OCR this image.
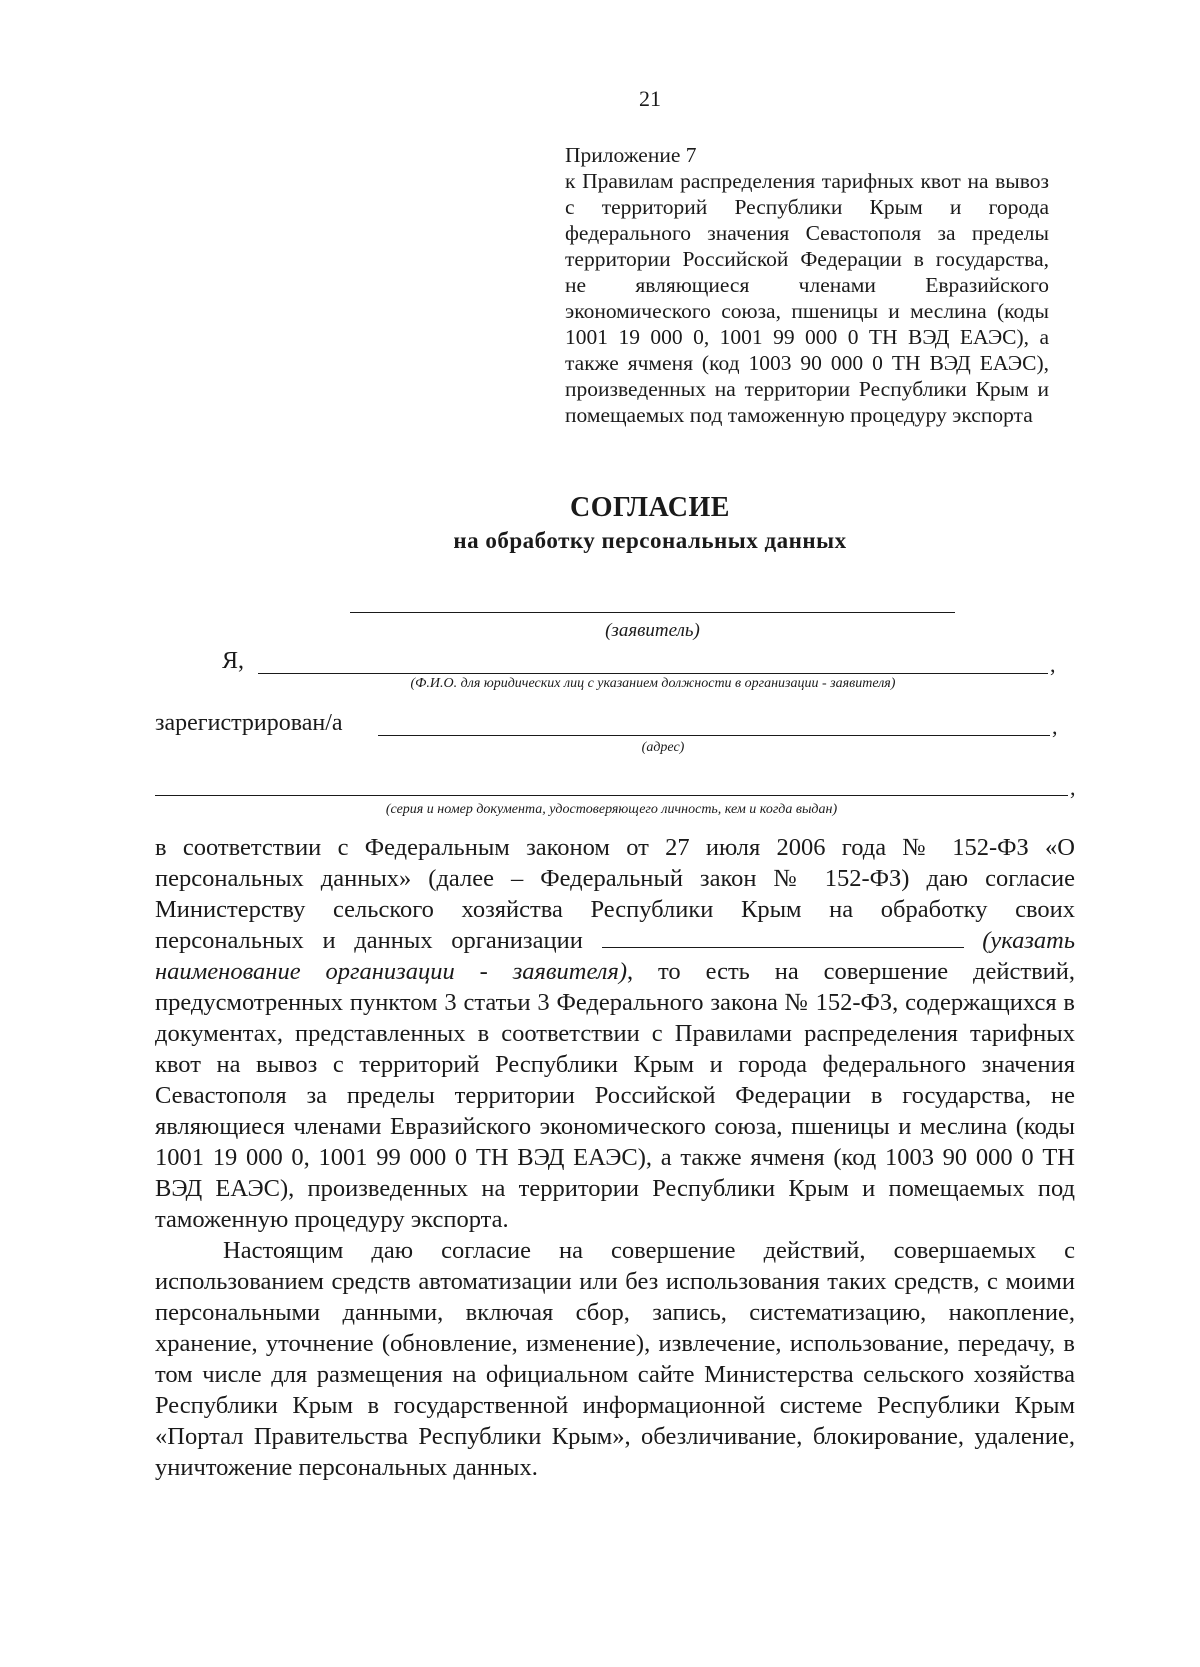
21
Приложение 7
к Правилам распределения тарифных квот на вывоз с территорий Республики Крым и города федерального значения Севастополя за пределы территории Российской Федерации в государства, не являющиеся членами Евразийского экономического союза, пшеницы и меслина (коды 1001 19 000 0, 1001 99 000 0 ТН ВЭД ЕАЭС), а также ячменя (код 1003 90 000 0 ТН ВЭД ЕАЭС), произведенных на территории Республики Крым и помещаемых под таможенную процедуру экспорта
СОГЛАСИЕ
на обработку персональных данных
(заявитель)
Я,	,
(Ф.И.О. для юридических лиц с указанием должности в организации - заявителя)
зарегистрирован/а	,
(адрес)
,
(серия и номер документа, удостоверяющего личность, кем и когда выдан)

в соответствии с Федеральным законом от 27 июля 2006 года № 152-ФЗ «О персональных данных» (далее – Федеральный закон № 152-ФЗ) даю согласие Министерству сельского хозяйства Республики Крым на обработку своих персональных и данных организации	(указать наименование организации - заявителя), то есть на совершение действий, предусмотренных пунктом 3 статьи 3 Федерального закона № 152-ФЗ, содержащихся в документах, представленных в соответствии с Правилами распределения тарифных квот на вывоз с территорий Республики Крым и города федерального значения Севастополя за пределы территории Российской Федерации в государства, не являющиеся членами Евразийского экономического союза, пшеницы и меслина (коды 1001 19 000 0, 1001 99 000 0 ТН ВЭД ЕАЭС), а также ячменя (код 1003 90 000 0 ТН ВЭД ЕАЭС), произведенных на территории Республики Крым и помещаемых под таможенную процедуру экспорта.

Настоящим даю согласие на совершение действий, совершаемых с использованием средств автоматизации или без использования таких средств, с моими персональными данными, включая сбор, запись, систематизацию, накопление, хранение, уточнение (обновление, изменение), извлечение, использование, передачу, в том числе для размещения на официальном сайте Министерства сельского хозяйства Республики Крым в государственной информационной системе Республики Крым «Портал Правительства Республики Крым», обезличивание, блокирование, удаление, уничтожение персональных данных.
